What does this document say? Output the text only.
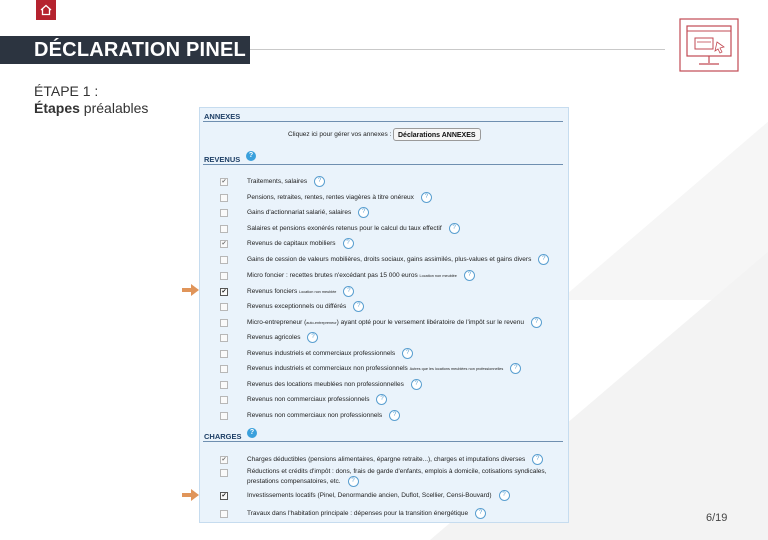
DÉCLARATION PINEL
ÉTAPE 1 :
Étapes préalables
ANNEXES
Cliquez ici pour gérer vos annexes : Déclarations ANNEXES
REVENUS	?
✔	Traitements, salaires ?
Pensions, retraites, rentes, rentes viagères à titre onéreux ?
Gains d'actionnariat salarié, salaires ?
Salaires et pensions exonérés retenus pour le calcul du taux effectif ?
✔	Revenus de capitaux mobiliers ?
Gains de cession de valeurs mobilières, droits sociaux, gains assimilés, plus-values et gains divers ?
Micro foncier : recettes brutes n'excédant pas 15 000 euros Location non meublée ?
✔	Revenus fonciers Location non meublée ?
Revenus exceptionnels ou différés ?
Micro-entrepreneur (auto-entrepreneur) ayant opté pour le versement libératoire de l'impôt sur le revenu ?
Revenus agricoles ?
Revenus industriels et commerciaux professionnels ?
Revenus industriels et commerciaux non professionnels Autres que les locations meublées non professionnelles ?
Revenus des locations meublées non professionnelles ?
Revenus non commerciaux professionnels ?
Revenus non commerciaux non professionnels ?
CHARGES	?
✔	Charges déductibles (pensions alimentaires, épargne retraite...), charges et imputations diverses ?
Réductions et crédits d'impôt : dons, frais de garde d'enfants, emplois à domicile, cotisations syndicales, prestations compensatoires, etc. ?
✔	Investissements locatifs (Pinel, Denormandie ancien, Duflot, Scellier, Censi-Bouvard) ?
Travaux dans l'habitation principale : dépenses pour la transition énergétique ?	6/19
